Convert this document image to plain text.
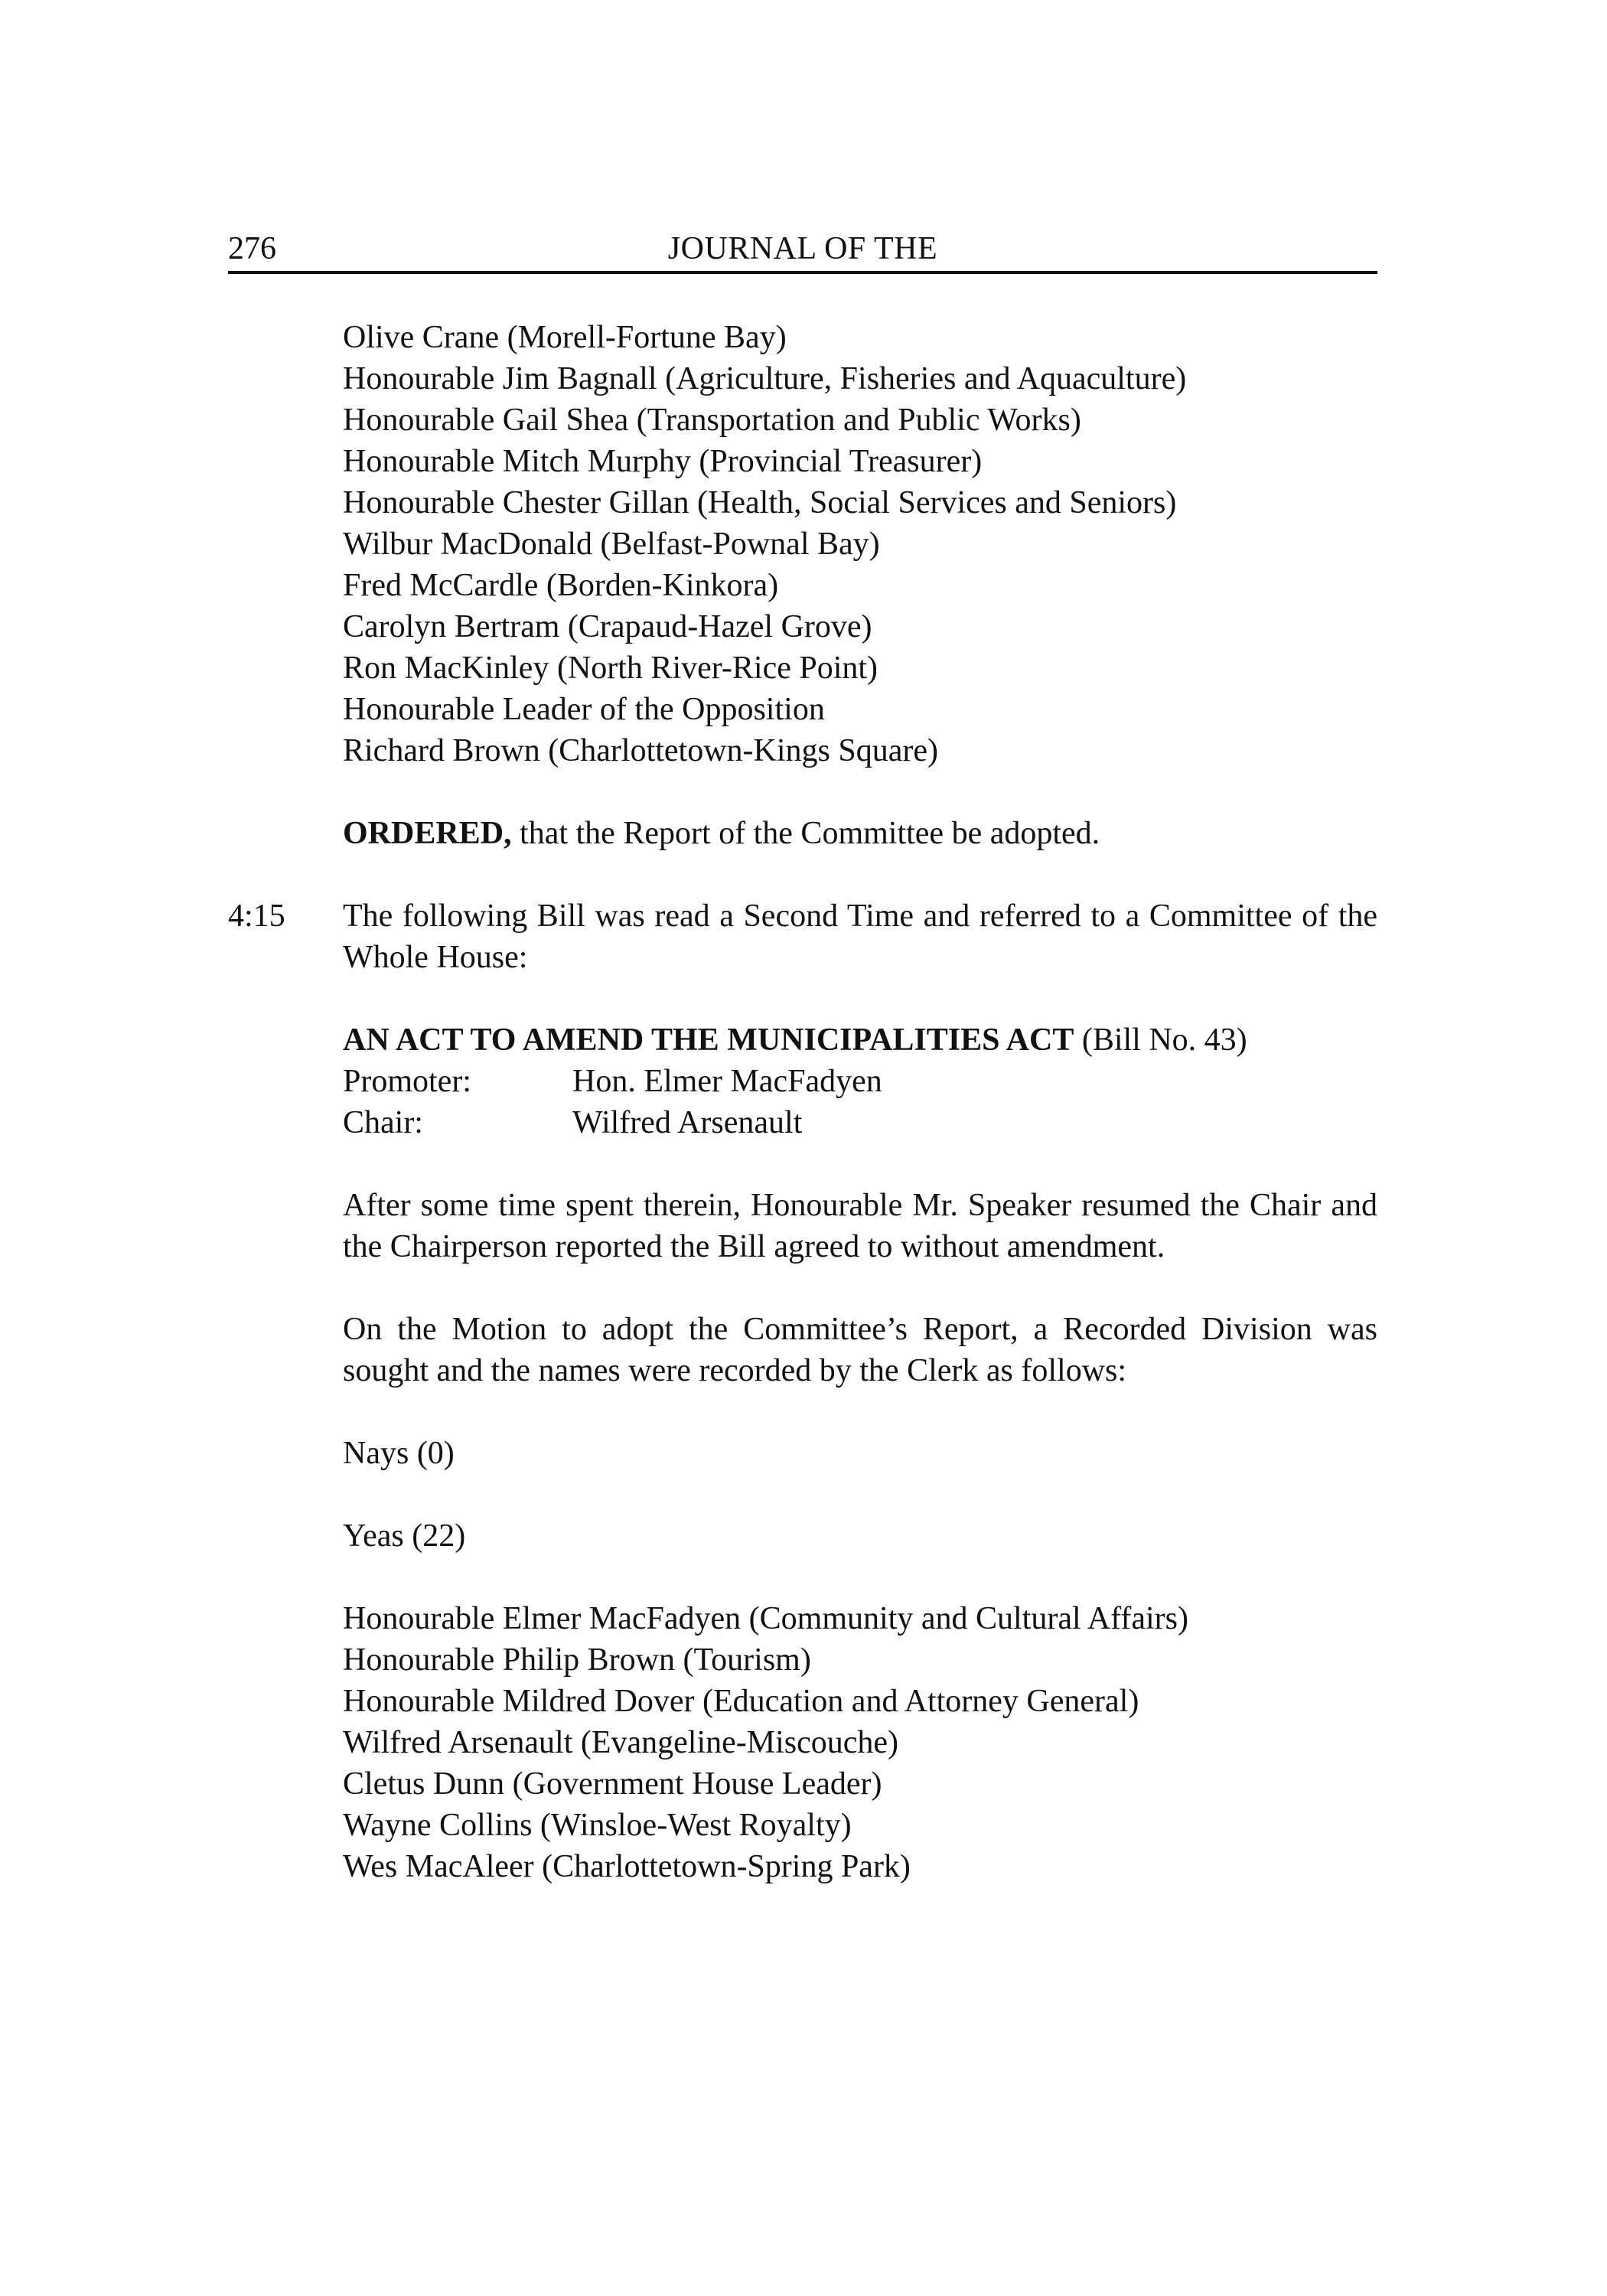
276	JOURNAL OF THE
Olive Crane (Morell-Fortune Bay)
Honourable Jim Bagnall (Agriculture, Fisheries and Aquaculture)
Honourable Gail Shea (Transportation and Public Works)
Honourable Mitch Murphy (Provincial Treasurer)
Honourable Chester Gillan (Health, Social Services and Seniors)
Wilbur MacDonald (Belfast-Pownal Bay)
Fred McCardle (Borden-Kinkora)
Carolyn Bertram (Crapaud-Hazel Grove)
Ron MacKinley (North River-Rice Point)
Honourable Leader of the Opposition
Richard Brown (Charlottetown-Kings Square)
ORDERED, that the Report of the Committee be adopted.
4:15 The following Bill was read a Second Time and referred to a Committee of the Whole House:
AN ACT TO AMEND THE MUNICIPALITIES ACT (Bill No. 43)
Promoter:	Hon. Elmer MacFadyen
Chair:	Wilfred Arsenault
After some time spent therein, Honourable Mr. Speaker resumed the Chair and the Chairperson reported the Bill agreed to without amendment.
On the Motion to adopt the Committee’s Report, a Recorded Division was sought and the names were recorded by the Clerk as follows:
Nays (0)
Yeas (22)
Honourable Elmer MacFadyen (Community and Cultural Affairs)
Honourable Philip Brown (Tourism)
Honourable Mildred Dover (Education and Attorney General)
Wilfred Arsenault (Evangeline-Miscouche)
Cletus Dunn (Government House Leader)
Wayne Collins (Winsloe-West Royalty)
Wes MacAleer (Charlottetown-Spring Park)
